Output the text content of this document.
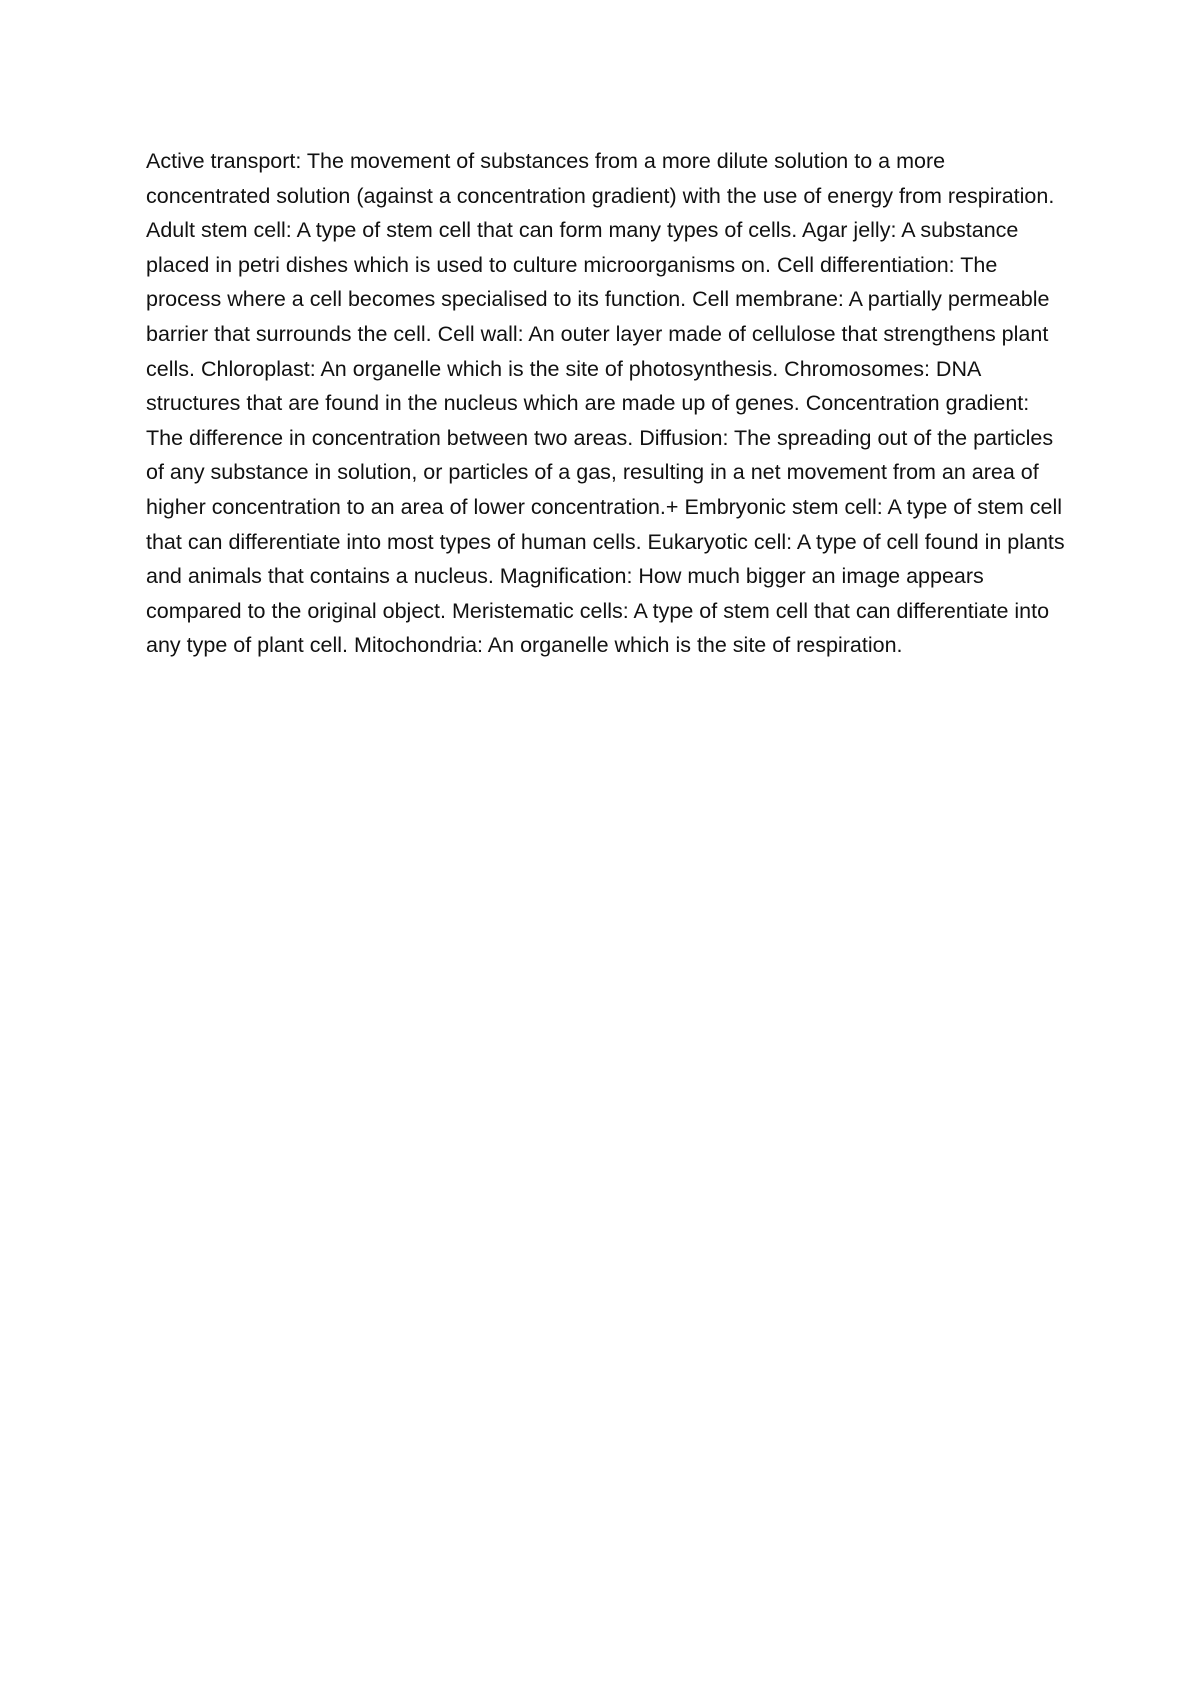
Active transport: The movement of substances from a more dilute solution to a more concentrated solution (against a concentration gradient) with the use of energy from respiration. Adult stem cell: A type of stem cell that can form many types of cells. Agar jelly: A substance placed in petri dishes which is used to culture microorganisms on. Cell differentiation: The process where a cell becomes specialised to its function. Cell membrane: A partially permeable barrier that surrounds the cell. Cell wall: An outer layer made of cellulose that strengthens plant cells. Chloroplast: An organelle which is the site of photosynthesis. Chromosomes: DNA structures that are found in the nucleus which are made up of genes. Concentration gradient: The difference in concentration between two areas. Diffusion: The spreading out of the particles of any substance in solution, or particles of a gas, resulting in a net movement from an area of higher concentration to an area of lower concentration.+ Embryonic stem cell: A type of stem cell that can differentiate into most types of human cells. Eukaryotic cell: A type of cell found in plants and animals that contains a nucleus. Magnification: How much bigger an image appears compared to the original object. Meristematic cells: A type of stem cell that can differentiate into any type of plant cell. Mitochondria: An organelle which is the site of respiration.
